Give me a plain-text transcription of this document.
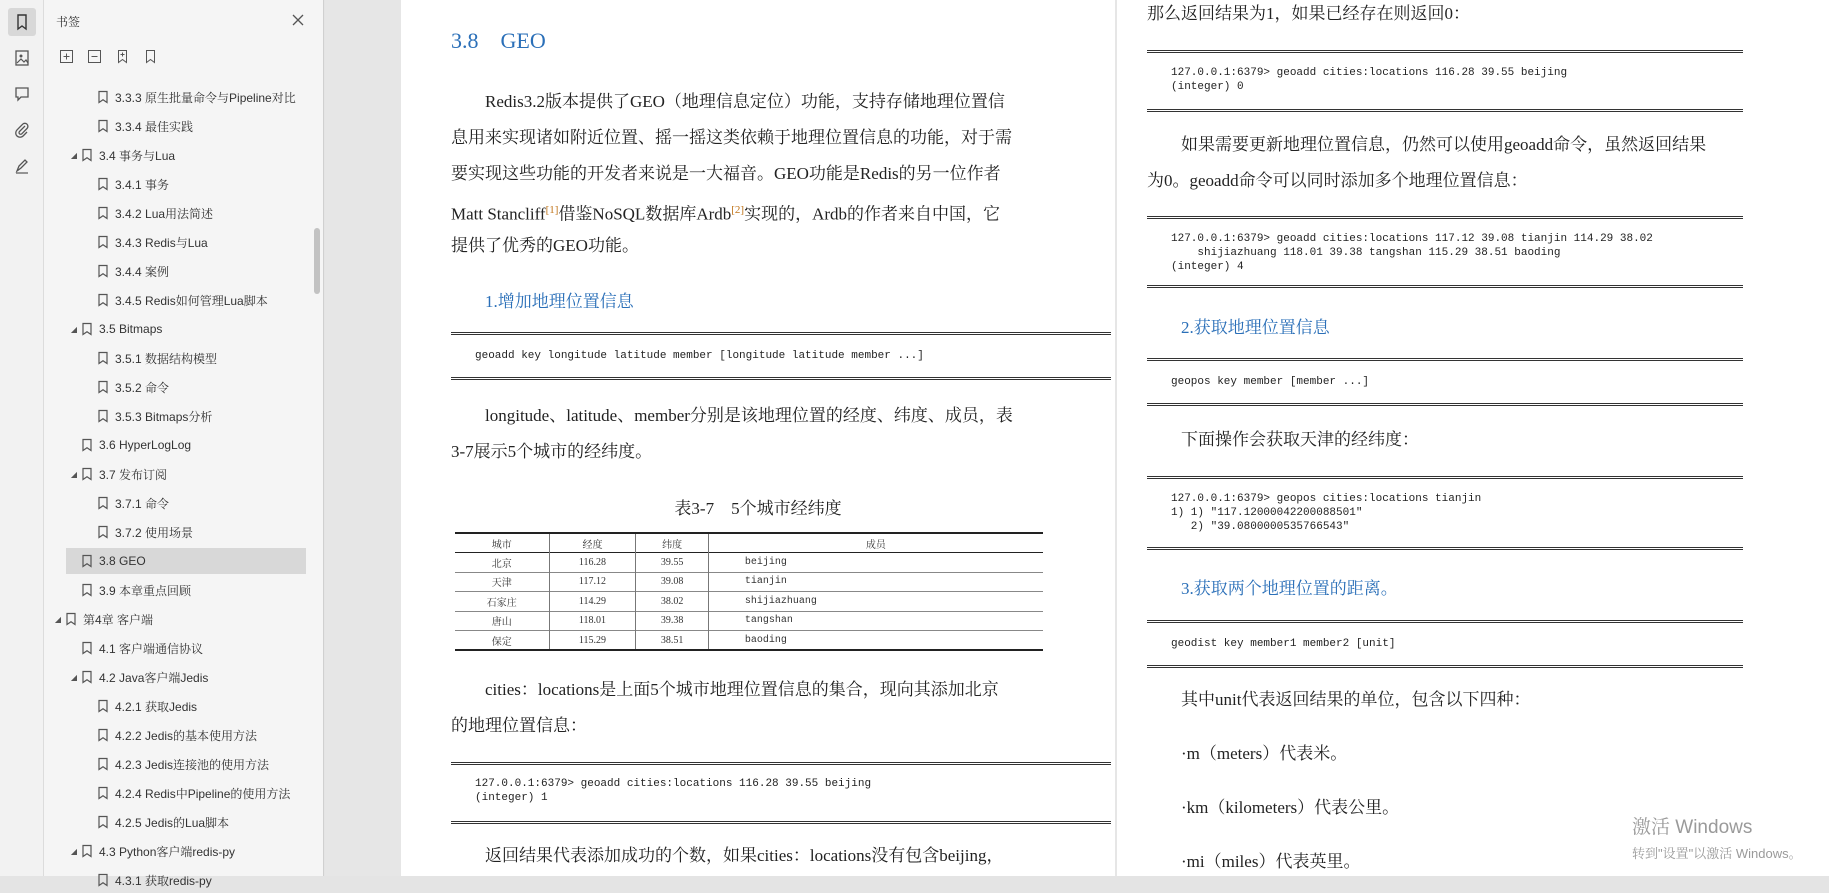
书签
3.3.3 原生批量命令与Pipeline对比
3.3.4 最佳实践
◢ 3.4 事务与Lua
3.4.1 事务
3.4.2 Lua用法简述
3.4.3 Redis与Lua
3.4.4 案例
3.4.5 Redis如何管理Lua脚本
◢ 3.5 Bitmaps
3.5.1 数据结构模型
3.5.2 命令
3.5.3 Bitmaps分析
3.6 HyperLogLog
◢ 3.7 发布订阅
3.7.1 命令
3.7.2 使用场景
3.8 GEO
3.9 本章重点回顾
◢ 第4章 客户端
4.1 客户端通信协议
◢ 4.2 Java客户端Jedis
4.2.1 获取Jedis
4.2.2 Jedis的基本使用方法
4.2.3 Jedis连接池的使用方法
4.2.4 Redis中Pipeline的使用方法
4.2.5 Jedis的Lua脚本
◢ 4.3 Python客户端redis-py
4.3.1 获取redis-py
3.8　GEO
Redis3.2版本提供了GEO（地理信息定位）功能，支持存储地理位置信
息用来实现诸如附近位置、摇一摇这类依赖于地理位置信息的功能，对于需
要实现这些功能的开发者来说是一大福音。GEO功能是Redis的另一位作者
Matt Stancliff[1]借鉴NoSQL数据库Ardb[2]实现的，Ardb的作者来自中国，它
提供了优秀的GEO功能。
1.增加地理位置信息
geoadd key longitude latitude member [longitude latitude member ...]
longitude、latitude、member分别是该地理位置的经度、纬度、成员，表
3-7展示5个城市的经纬度。
表3-7　5个城市经纬度
城市	经度	纬度	成员
北京	116.28	39.55	beijing
天津	117.12	39.08	tianjin
石家庄	114.29	38.02	shijiazhuang
唐山	118.01	39.38	tangshan
保定	115.29	38.51	baoding
cities：locations是上面5个城市地理位置信息的集合，现向其添加北京
的地理位置信息：
127.0.0.1:6379> geoadd cities:locations 116.28 39.55 beijing
(integer) 1
返回结果代表添加成功的个数，如果cities：locations没有包含beijing，
那么返回结果为1，如果已经存在则返回0：
127.0.0.1:6379> geoadd cities:locations 116.28 39.55 beijing
(integer) 0
如果需要更新地理位置信息，仍然可以使用geoadd命令，虽然返回结果
为0。geoadd命令可以同时添加多个地理位置信息：
127.0.0.1:6379> geoadd cities:locations 117.12 39.08 tianjin 114.29 38.02
shijiazhuang 118.01 39.38 tangshan 115.29 38.51 baoding
(integer) 4
2.获取地理位置信息
geopos key member [member ...]
下面操作会获取天津的经纬度：
127.0.0.1:6379> geopos cities:locations tianjin
1) 1) "117.12000042200088501"
2) "39.0800000535766543"
3.获取两个地理位置的距离。
geodist key member1 member2 [unit]
其中unit代表返回结果的单位，包含以下四种：
·m（meters）代表米。
·km（kilometers）代表公里。
·mi（miles）代表英里。
激活 Windows
转到"设置"以激活 Windows。
